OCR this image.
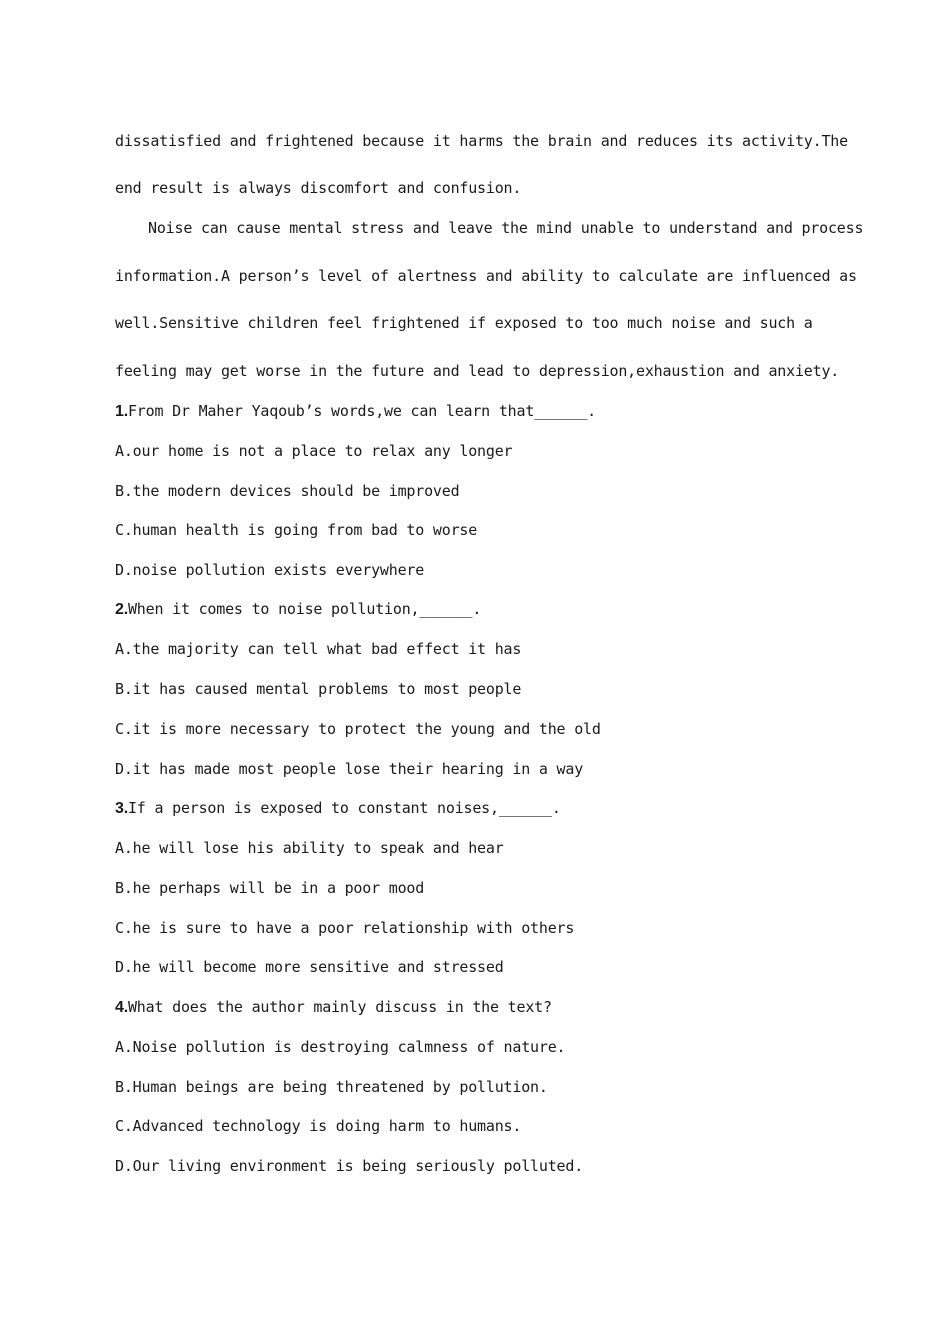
dissatisfied and frightened because it harms the brain and reduces its activity.The
end result is always discomfort and confusion.
Noise can cause mental stress and leave the mind unable to understand and process
information.A person’s level of alertness and ability to calculate are influenced as
well.Sensitive children feel frightened if exposed to too much noise and such a
feeling may get worse in the future and lead to depression,exhaustion and anxiety.
1.From Dr Maher Yaqoub’s words,we can learn that______.
A.our home is not a place to relax any longer
B.the modern devices should be improved
C.human health is going from bad to worse
D.noise pollution exists everywhere
2.When it comes to noise pollution,______.
A.the majority can tell what bad effect it has
B.it has caused mental problems to most people
C.it is more necessary to protect the young and the old
D.it has made most people lose their hearing in a way
3.If a person is exposed to constant noises,______.
A.he will lose his ability to speak and hear
B.he perhaps will be in a poor mood
C.he is sure to have a poor relationship with others
D.he will become more sensitive and stressed
4.What does the author mainly discuss in the text?
A.Noise pollution is destroying calmness of nature.
B.Human beings are being threatened by pollution.
C.Advanced technology is doing harm to humans.
D.Our living environment is being seriously polluted.
